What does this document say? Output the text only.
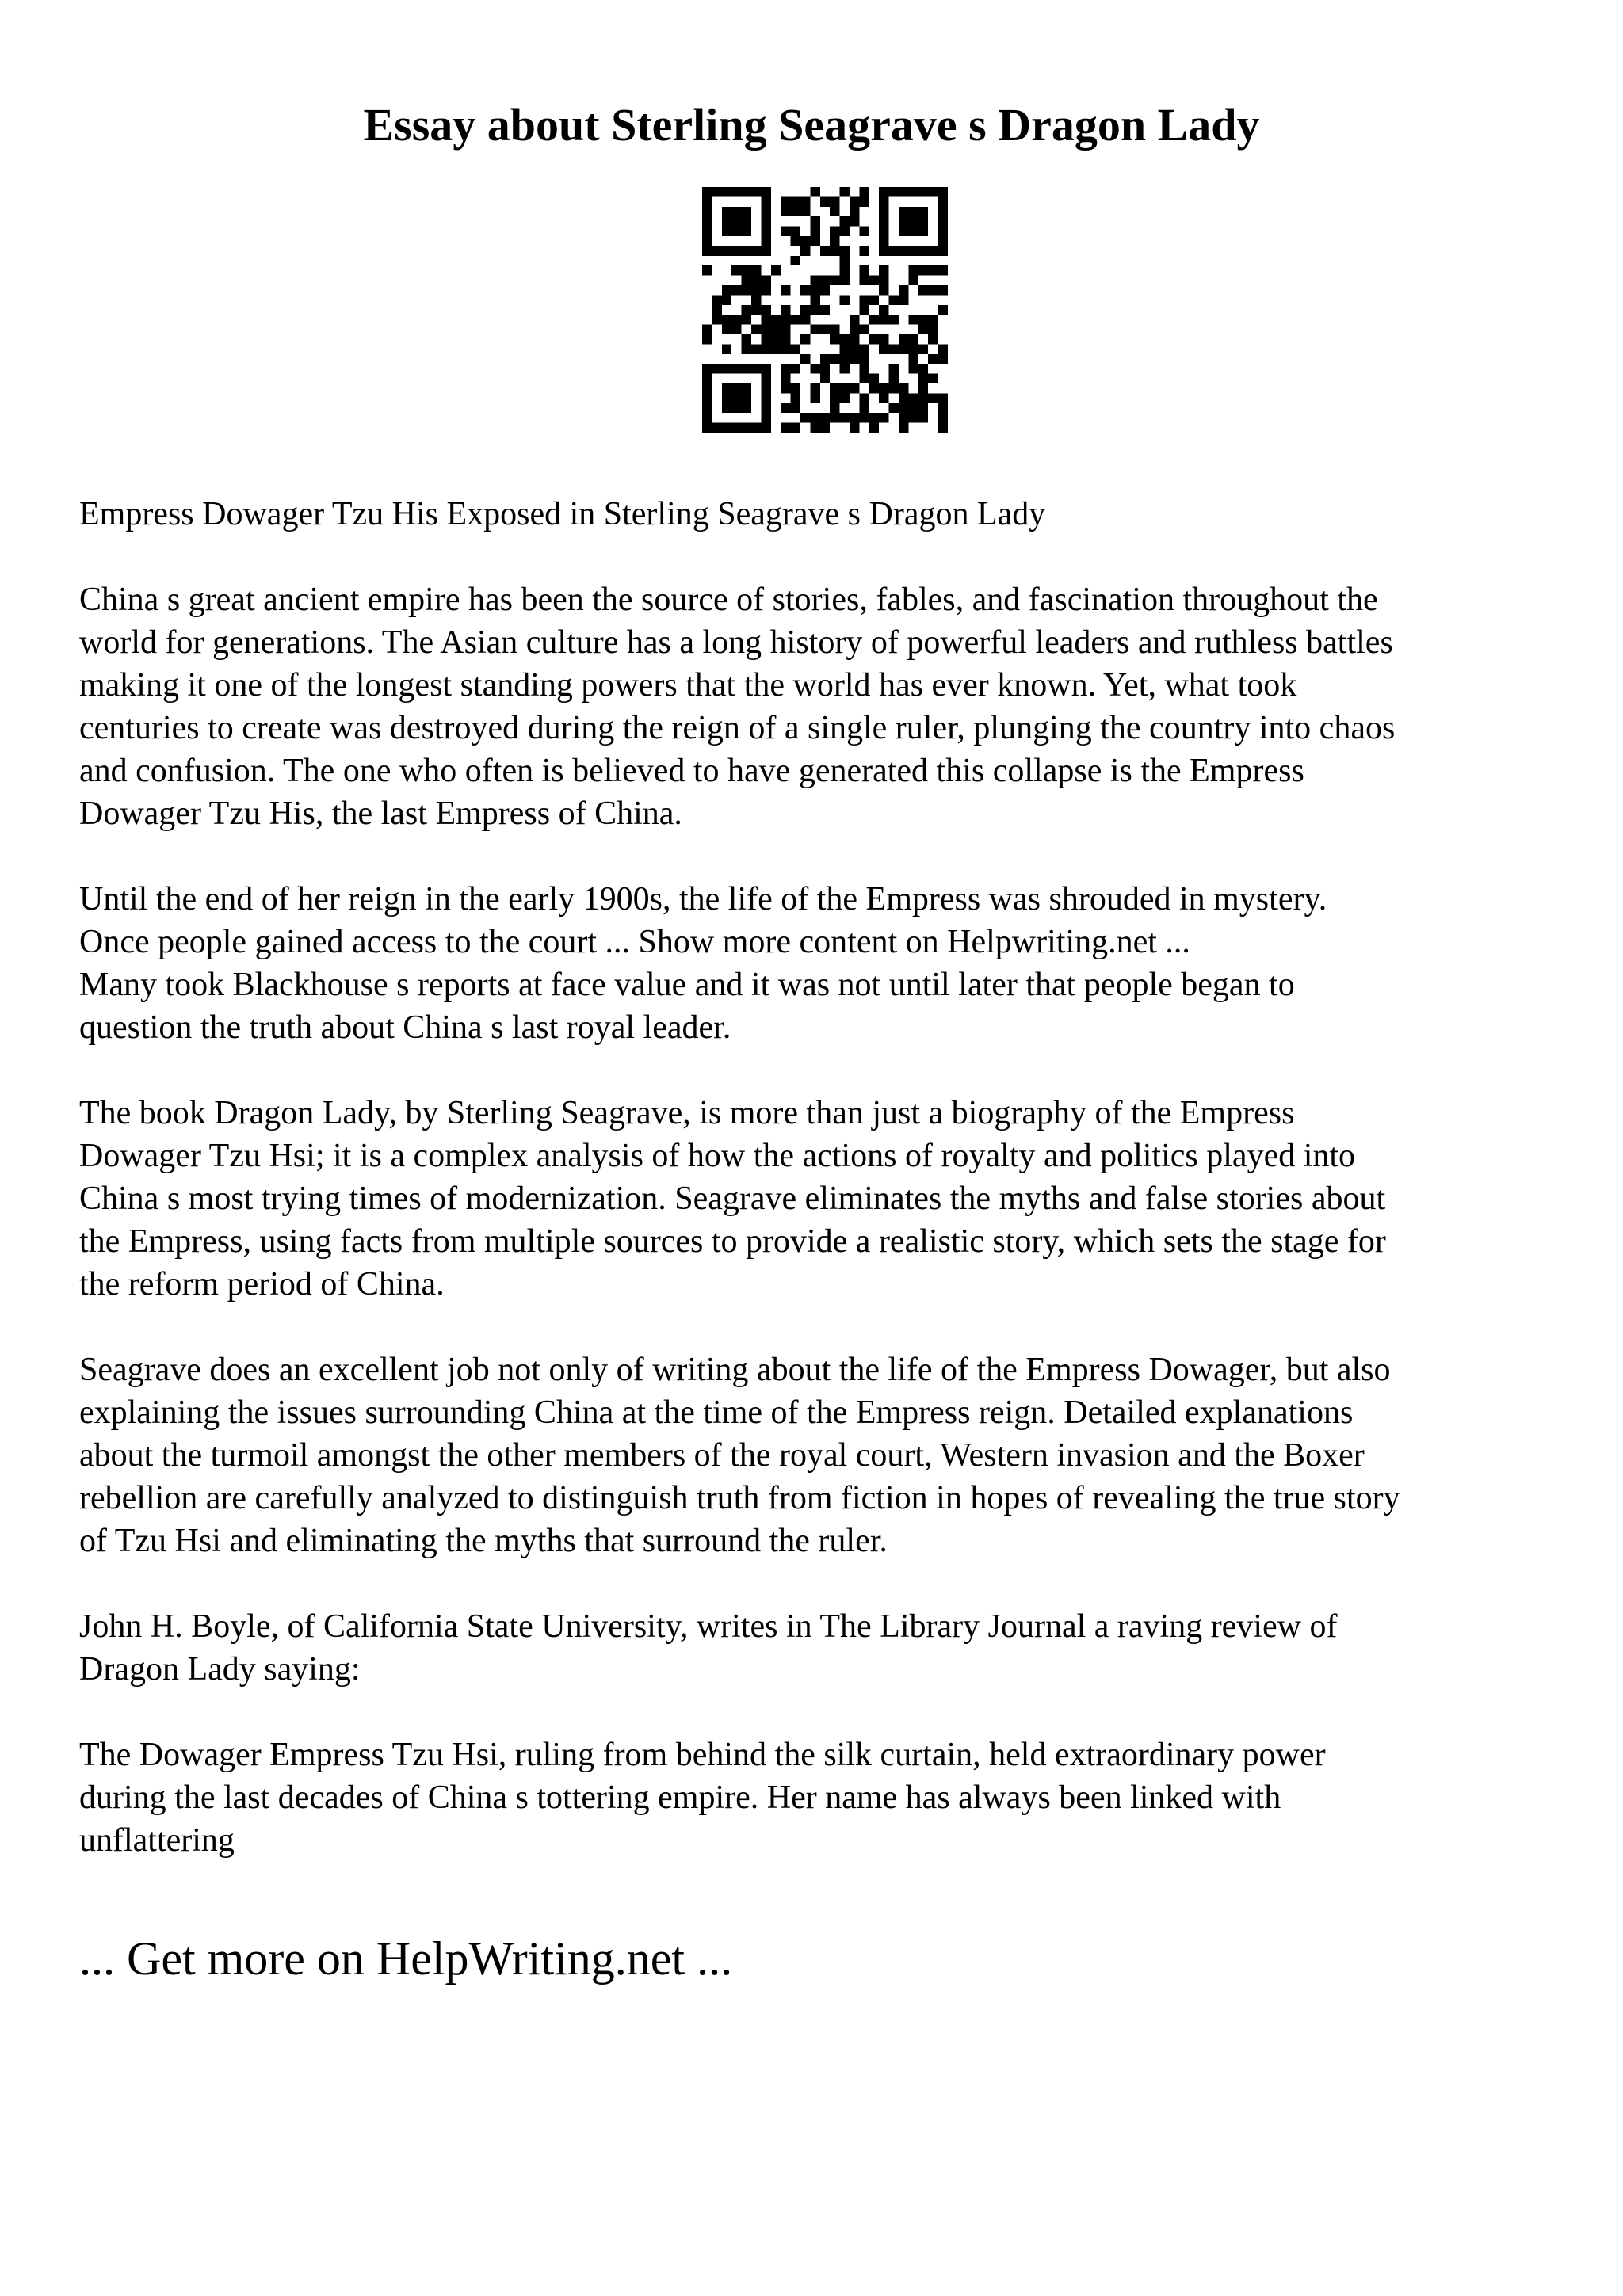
Essay about Sterling Seagrave s Dragon Lady

Empress Dowager Tzu His Exposed in Sterling Seagrave s Dragon Lady

China s great ancient empire has been the source of stories, fables, and fascination throughout the
world for generations. The Asian culture has a long history of powerful leaders and ruthless battles
making it one of the longest standing powers that the world has ever known. Yet, what took
centuries to create was destroyed during the reign of a single ruler, plunging the country into chaos
and confusion. The one who often is believed to have generated this collapse is the Empress
Dowager Tzu His, the last Empress of China.

Until the end of her reign in the early 1900s, the life of the Empress was shrouded in mystery.
Once people gained access to the court ... Show more content on Helpwriting.net ...
Many took Blackhouse s reports at face value and it was not until later that people began to
question the truth about China s last royal leader.

The book Dragon Lady, by Sterling Seagrave, is more than just a biography of the Empress
Dowager Tzu Hsi; it is a complex analysis of how the actions of royalty and politics played into
China s most trying times of modernization. Seagrave eliminates the myths and false stories about
the Empress, using facts from multiple sources to provide a realistic story, which sets the stage for
the reform period of China.

Seagrave does an excellent job not only of writing about the life of the Empress Dowager, but also
explaining the issues surrounding China at the time of the Empress reign. Detailed explanations
about the turmoil amongst the other members of the royal court, Western invasion and the Boxer
rebellion are carefully analyzed to distinguish truth from fiction in hopes of revealing the true story
of Tzu Hsi and eliminating the myths that surround the ruler.

John H. Boyle, of California State University, writes in The Library Journal a raving review of
Dragon Lady saying:

The Dowager Empress Tzu Hsi, ruling from behind the silk curtain, held extraordinary power
during the last decades of China s tottering empire. Her name has always been linked with
unflattering

... Get more on HelpWriting.net ...
